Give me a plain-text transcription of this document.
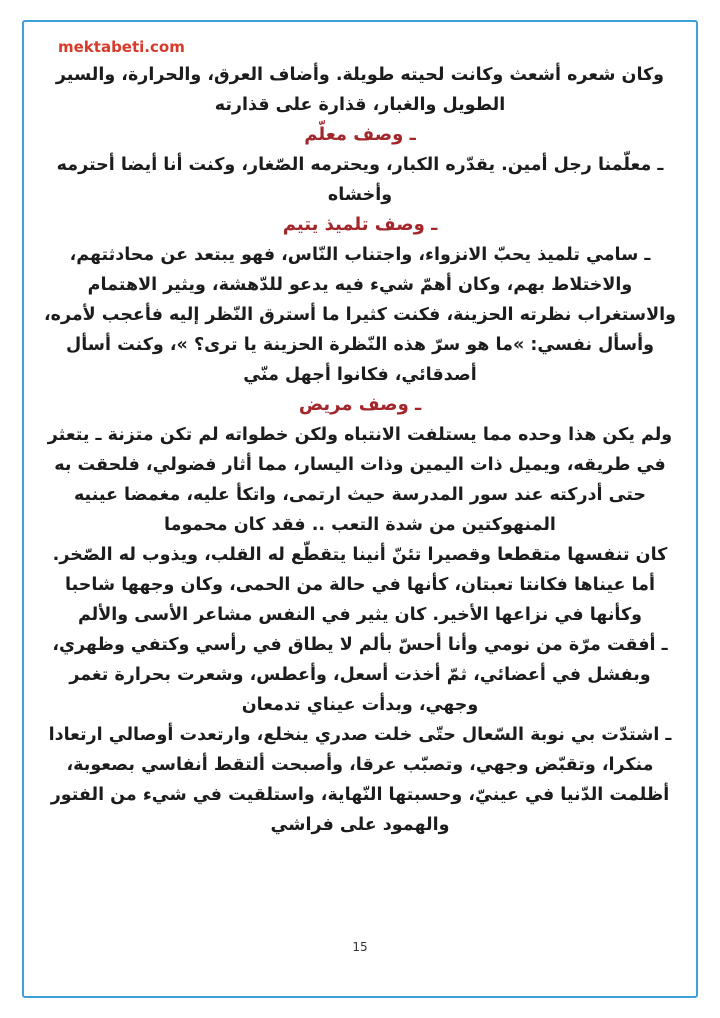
mektabeti.com

وكان شعره أشعث وكانت لحيته طويلة. وأضاف العرق، والحرارة، والسير الطويل والغبار، قذارة على قذارته

ـ وصف معلّم

ـ معلّمنا رجل أمين. يقدّره الكبار، ويحترمه الصّغار، وكنت أنا أيضا أحترمه وأخشاه

ـ وصف تلميذ يتيم

ـ سامي تلميذ يحبّ الانزواء، واجتناب النّاس، فهو يبتعد عن محادثتهم، والاختلاط بهم، وكان أهمّ شيء فيه يدعو للدّهشة، ويثير الاهتمام والاستغراب نظرته الحزينة، فكنت كثيرا ما أسترق النّظر إليه فأعجب لأمره، وأسأل نفسي: »ما هو سرّ هذه النّظرة الحزينة يا ترى؟ »، وكنت أسأل أصدقائي، فكانوا أجهل منّي

ـ وصف مريض

ولم يكن هذا وحده مما يستلفت الانتباه ولكن خطواته لم تكن متزنة ـ يتعثر في طريقه، ويميل ذات اليمين وذات اليسار، مما أثار فضولي، فلحقت به حتى أدركته عند سور المدرسة حيث ارتمى، واتكأ عليه، مغمضا عينيه المنهوكتين من شدة التعب .. فقد كان محموما

كان تنفسها متقطعا وقصيرا تئنّ أنينا يتقطّع له القلب، ويذوب له الصّخر. أما عيناها فكانتا تعبتان، كأنها في حالة من الحمى، وكان وجهها شاحبا وكأنها في نزاعها الأخير. كان يثير في النفس مشاعر الأسى والألم

ـ أفقت مرّة من نومي وأنا أحسّ بألم لا يطاق في رأسي وكتفي وظهري، وبفشل في أعضائي، ثمّ أخذت أسعل، وأعطس، وشعرت بحرارة تغمر وجهي، وبدأت عيناي تدمعان

ـ اشتدّت بي نوبة السّعال حتّى خلت صدري ينخلع، وارتعدت أوصالي ارتعادا منكرا، وتقبّض وجهي، وتصبّب عرقا، وأصبحت ألتقط أنفاسي بصعوبة، أظلمت الدّنيا في عينيّ، وحسبتها النّهاية، واستلقيت في شيء من الفتور والهمود على فراشي

15
